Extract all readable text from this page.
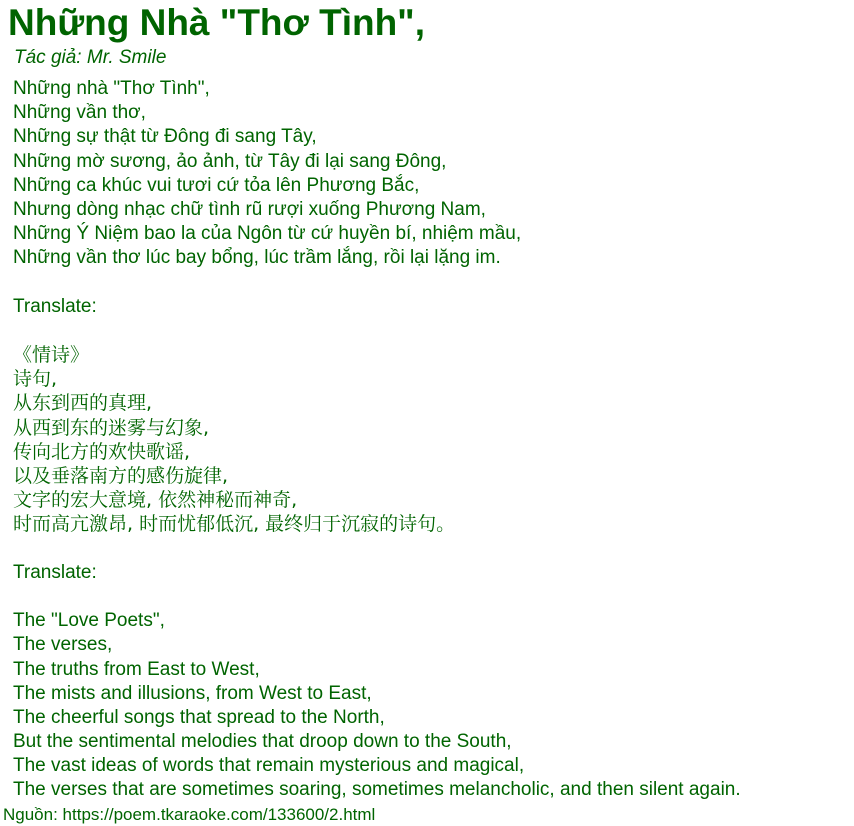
Những Nhà "Thơ Tình",
Tác giả: Mr. Smile
Những nhà "Thơ Tình",
Những vần thơ,
Những sự thật từ Đông đi sang Tây,
Những mờ sương, ảo ảnh, từ Tây đi lại sang Đông,
Những ca khúc vui tươi cứ tỏa lên Phương Bắc,
Nhưng dòng nhạc chữ tình rũ rượi xuống Phương Nam,
Những Ý Niệm bao la của Ngôn từ cứ huyền bí, nhiệm mầu,
Những vần thơ lúc bay bổng, lúc trầm lắng, rồi lại lặng im.
Translate:
《情诗》
诗句,
从东到西的真理,
从西到东的迷雾与幻象,
传向北方的欢快歌谣,
以及垂落南方的感伤旋律,
文字的宏大意境, 依然神秘而神奇,
时而高亢激昂, 时而忧郁低沉, 最终归于沉寂的诗句。
Translate:
The "Love Poets",
The verses,
The truths from East to West,
The mists and illusions, from West to East,
The cheerful songs that spread to the North,
But the sentimental melodies that droop down to the South,
The vast ideas of words that remain mysterious and magical,
The verses that are sometimes soaring, sometimes melancholic, and then silent again.
Nguồn: https://poem.tkaraoke.com/133600/2.html
